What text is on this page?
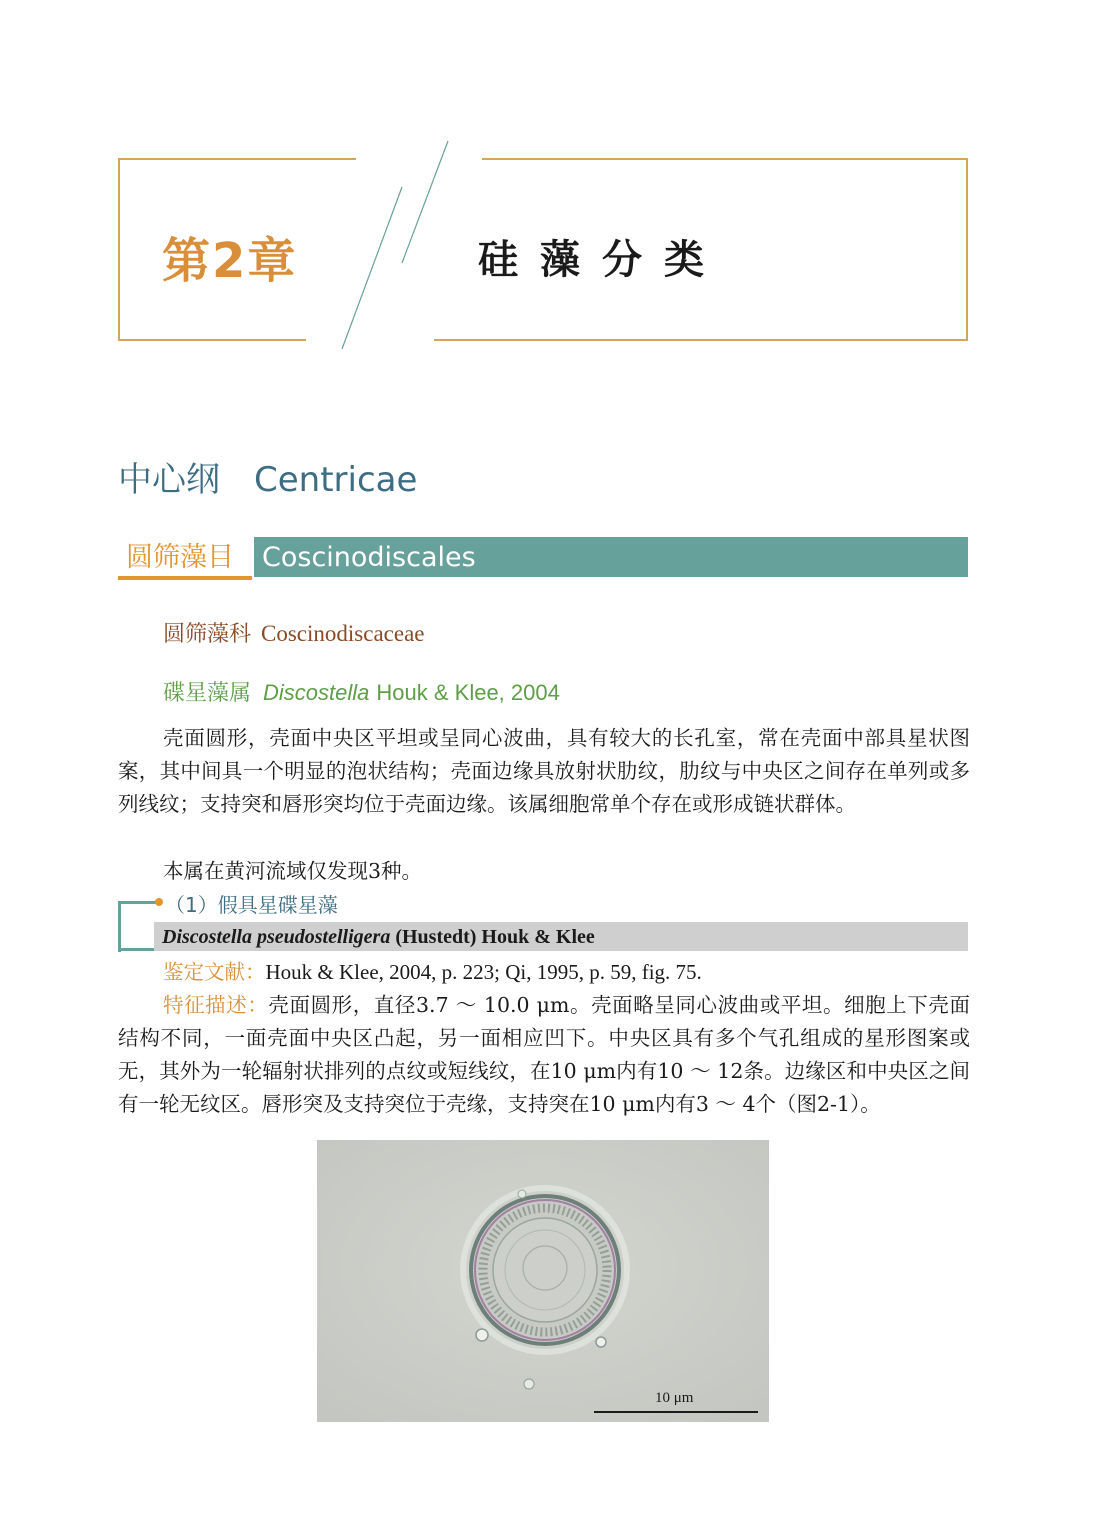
第2章	硅藻分类
中心纲 Centricae
圆筛藻目	Coscinodiscales
圆筛藻科 Coscinodiscaceae
碟星藻属 Discostella Houk & Klee, 2004
壳面圆形，壳面中央区平坦或呈同心波曲，具有较大的长孔室，常在壳面中部具星状图案，其中间具一个明显的泡状结构；壳面边缘具放射状肋纹，肋纹与中央区之间存在单列或多列线纹；支持突和唇形突均位于壳面边缘。该属细胞常单个存在或形成链状群体。
本属在黄河流域仅发现3种。
（1）假具星碟星藻
Discostella pseudostelligera (Hustedt) Houk & Klee
鉴定文献：Houk & Klee, 2004, p. 223; Qi, 1995, p. 59, fig. 75.
特征描述：壳面圆形，直径3.7 ～ 10.0 μm。壳面略呈同心波曲或平坦。细胞上下壳面结构不同，一面壳面中央区凸起，另一面相应凹下。中央区具有多个气孔组成的星形图案或无，其外为一轮辐射状排列的点纹或短线纹，在10 μm内有10 ～ 12条。边缘区和中央区之间有一轮无纹区。唇形突及支持突位于壳缘，支持突在10 μm内有3 ～ 4个（图2-1）。
10 μm
